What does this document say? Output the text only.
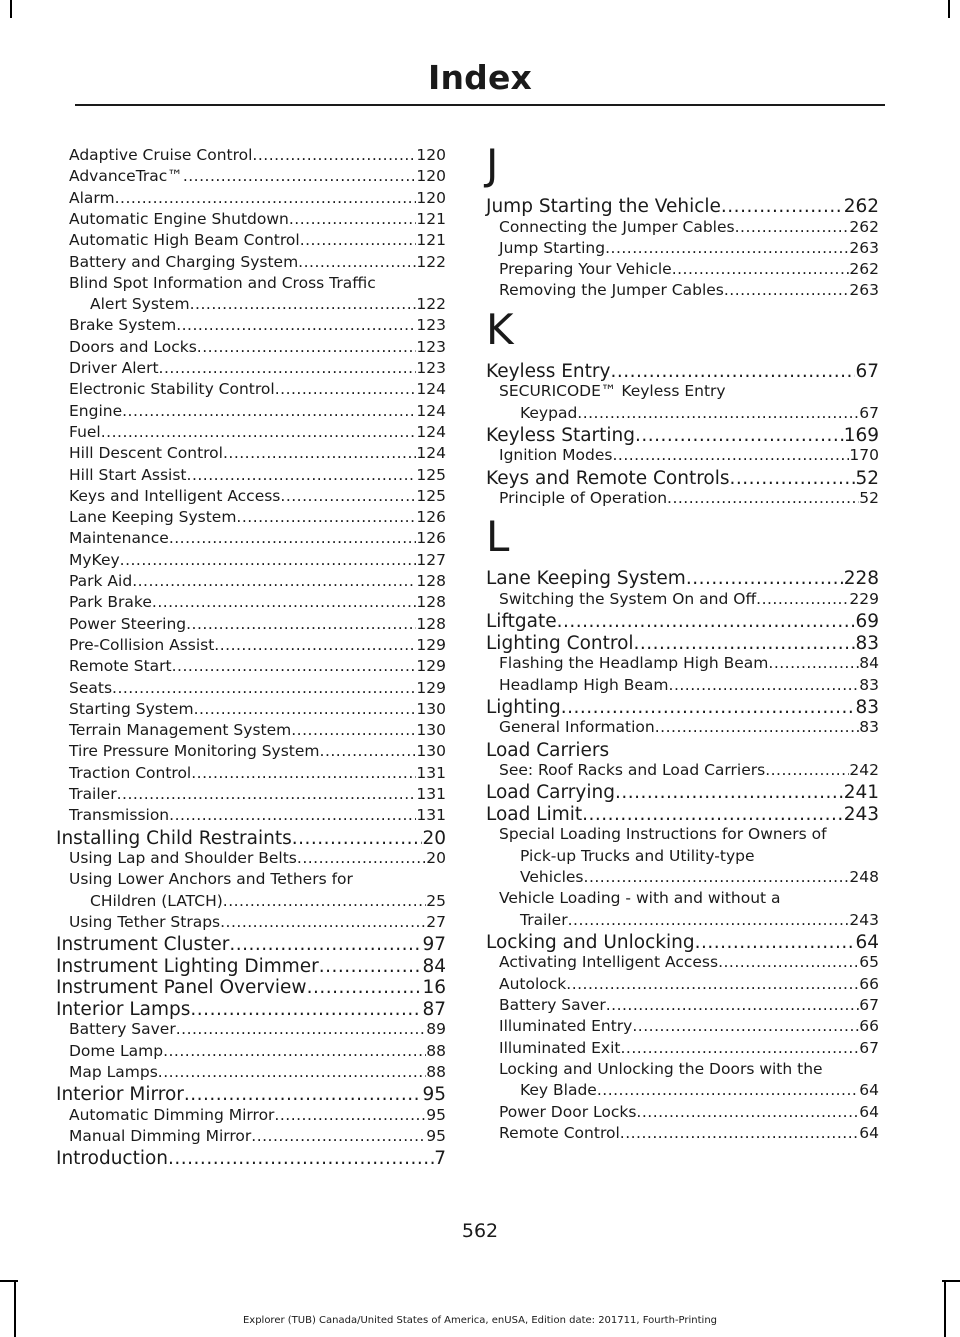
Index
Adaptive Cruise Control .....	120
AdvanceTrac™ .....	120
Alarm .....	120
Automatic Engine Shutdown .....	121
Automatic High Beam Control .....	121
Battery and Charging System .....	122
Blind Spot Information and Cross Traffic
Alert System .....	122
Brake System .....	123
Doors and Locks .....	123
Driver Alert .....	123
Electronic Stability Control .....	124
Engine .....	124
Fuel .....	124
Hill Descent Control .....	124
Hill Start Assist .....	125
Keys and Intelligent Access .....	125
Lane Keeping System .....	126
Maintenance .....	126
MyKey .....	127
Park Aid .....	128
Park Brake .....	128
Power Steering .....	128
Pre-Collision Assist .....	129
Remote Start .....	129
Seats .....	129
Starting System .....	130
Terrain Management System .....	130
Tire Pressure Monitoring System .....	130
Traction Control .....	131
Trailer .....	131
Transmission .....	131
Installing Child Restraints .....	20
Using Lap and Shoulder Belts .....	20
Using Lower Anchors and Tethers for
CHildren (LATCH) .....	25
Using Tether Straps .....	27
Instrument Cluster .....	97
Instrument Lighting Dimmer .....	84
Instrument Panel Overview .....	16
Interior Lamps .....	87
Battery Saver .....	89
Dome Lamp .....	88
Map Lamps .....	88
Interior Mirror .....	95
Automatic Dimming Mirror .....	95
Manual Dimming Mirror .....	95
Introduction .....	7
J
Jump Starting the Vehicle .....	262
Connecting the Jumper Cables .....	262
Jump Starting .....	263
Preparing Your Vehicle .....	262
Removing the Jumper Cables .....	263
K
Keyless Entry .....	67
SECURICODE™ Keyless Entry
Keypad .....	67
Keyless Starting .....	169
Ignition Modes .....	170
Keys and Remote Controls .....	52
Principle of Operation .....	52
L
Lane Keeping System .....	228
Switching the System On and Off .....	229
Liftgate .....	69
Lighting Control .....	83
Flashing the Headlamp High Beam .....	84
Headlamp High Beam .....	83
Lighting .....	83
General Information .....	83
Load Carriers
See: Roof Racks and Load Carriers .....	242
Load Carrying .....	241
Load Limit .....	243
Special Loading Instructions for Owners of
Pick-up Trucks and Utility-type
Vehicles .....	248
Vehicle Loading - with and without a
Trailer .....	243
Locking and Unlocking .....	64
Activating Intelligent Access .....	65
Autolock .....	66
Battery Saver .....	67
Illuminated Entry .....	66
Illuminated Exit .....	67
Locking and Unlocking the Doors with the
Key Blade .....	64
Power Door Locks .....	64
Remote Control .....	64
562
Explorer (TUB) Canada/United States of America, enUSA, Edition date: 201711, Fourth-Printing
